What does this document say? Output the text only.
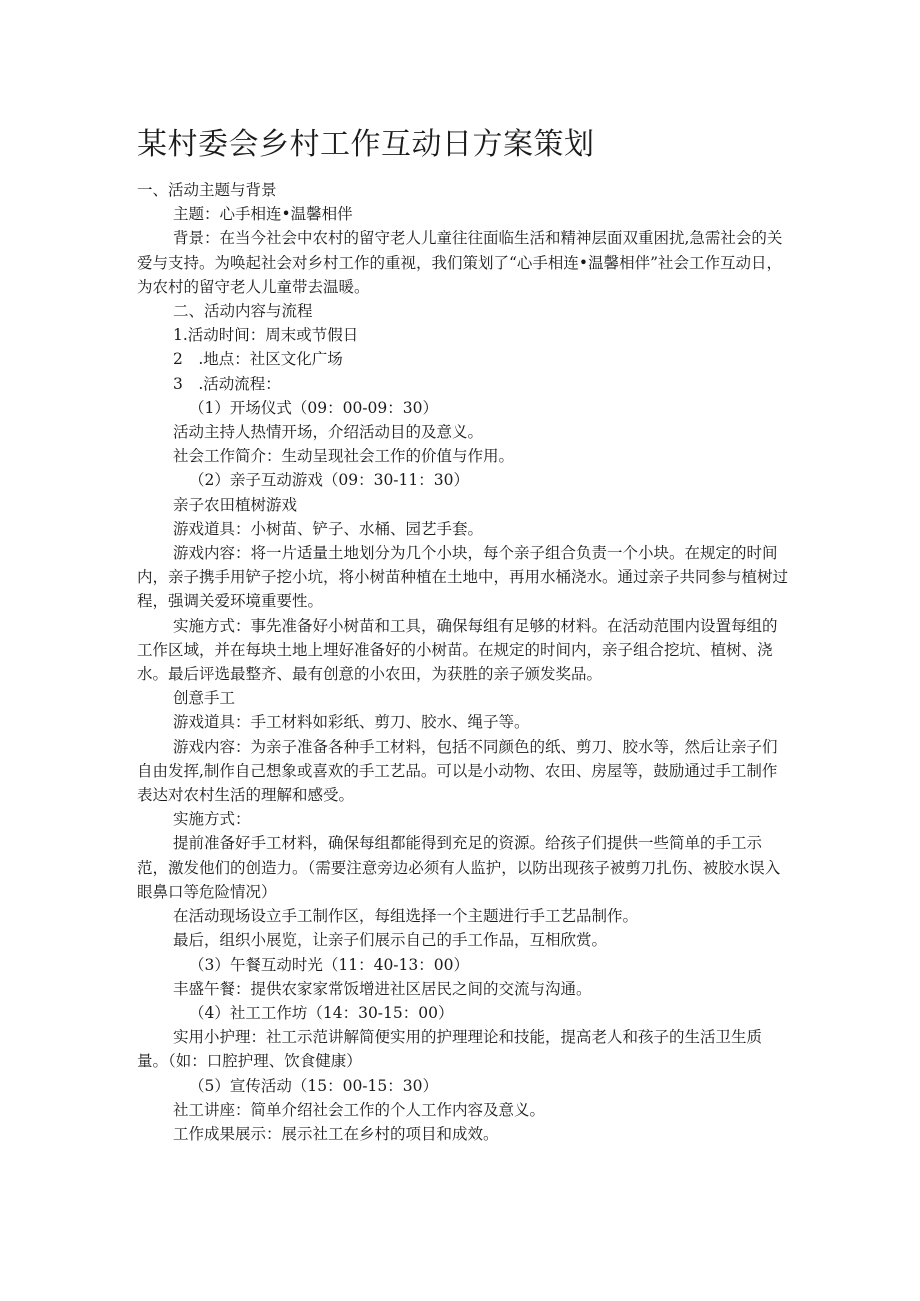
某村委会乡村工作互动日方案策划

一、活动主题与背景

主题：心手相连•温馨相伴

背景：在当今社会中农村的留守老人儿童往往面临生活和精神层面双重困扰,急需社会的关爱与支持。为唤起社会对乡村工作的重视，我们策划了“心手相连•温馨相伴”社会工作互动日，为农村的留守老人儿童带去温暖。

二、活动内容与流程

1.活动时间：周末或节假日

2　.地点：社区文化广场

3　.活动流程：

（1）开场仪式（09：00-09：30）

活动主持人热情开场，介绍活动目的及意义。

社会工作简介：生动呈现社会工作的价值与作用。

（2）亲子互动游戏（09：30-11：30）

亲子农田植树游戏

游戏道具：小树苗、铲子、水桶、园艺手套。

游戏内容：将一片适量土地划分为几个小块，每个亲子组合负责一个小块。在规定的时间内，亲子携手用铲子挖小坑，将小树苗种植在土地中，再用水桶浇水。通过亲子共同参与植树过程，强调关爱环境重要性。

实施方式：事先准备好小树苗和工具，确保每组有足够的材料。在活动范围内设置每组的工作区域，并在每块土地上埋好准备好的小树苗。在规定的时间内，亲子组合挖坑、植树、浇水。最后评选最整齐、最有创意的小农田，为获胜的亲子颁发奖品。

创意手工

游戏道具：手工材料如彩纸、剪刀、胶水、绳子等。

游戏内容：为亲子准备各种手工材料，包括不同颜色的纸、剪刀、胶水等，然后让亲子们自由发挥,制作自己想象或喜欢的手工艺品。可以是小动物、农田、房屋等，鼓励通过手工制作表达对农村生活的理解和感受。

实施方式：

提前准备好手工材料，确保每组都能得到充足的资源。给孩子们提供一些简单的手工示范，激发他们的创造力。（需要注意旁边必须有人监护，以防出现孩子被剪刀扎伤、被胶水误入眼鼻口等危险情况）

在活动现场设立手工制作区，每组选择一个主题进行手工艺品制作。

最后，组织小展览，让亲子们展示自己的手工作品，互相欣赏。

（3）午餐互动时光（11：40-13：00）

丰盛午餐：提供农家家常饭增进社区居民之间的交流与沟通。

（4）社工工作坊（14：30-15：00）

实用小护理：社工示范讲解简便实用的护理理论和技能，提高老人和孩子的生活卫生质量。（如：口腔护理、饮食健康）

（5）宣传活动（15：00-15：30）

社工讲座：简单介绍社会工作的个人工作内容及意义。

工作成果展示：展示社工在乡村的项目和成效。
